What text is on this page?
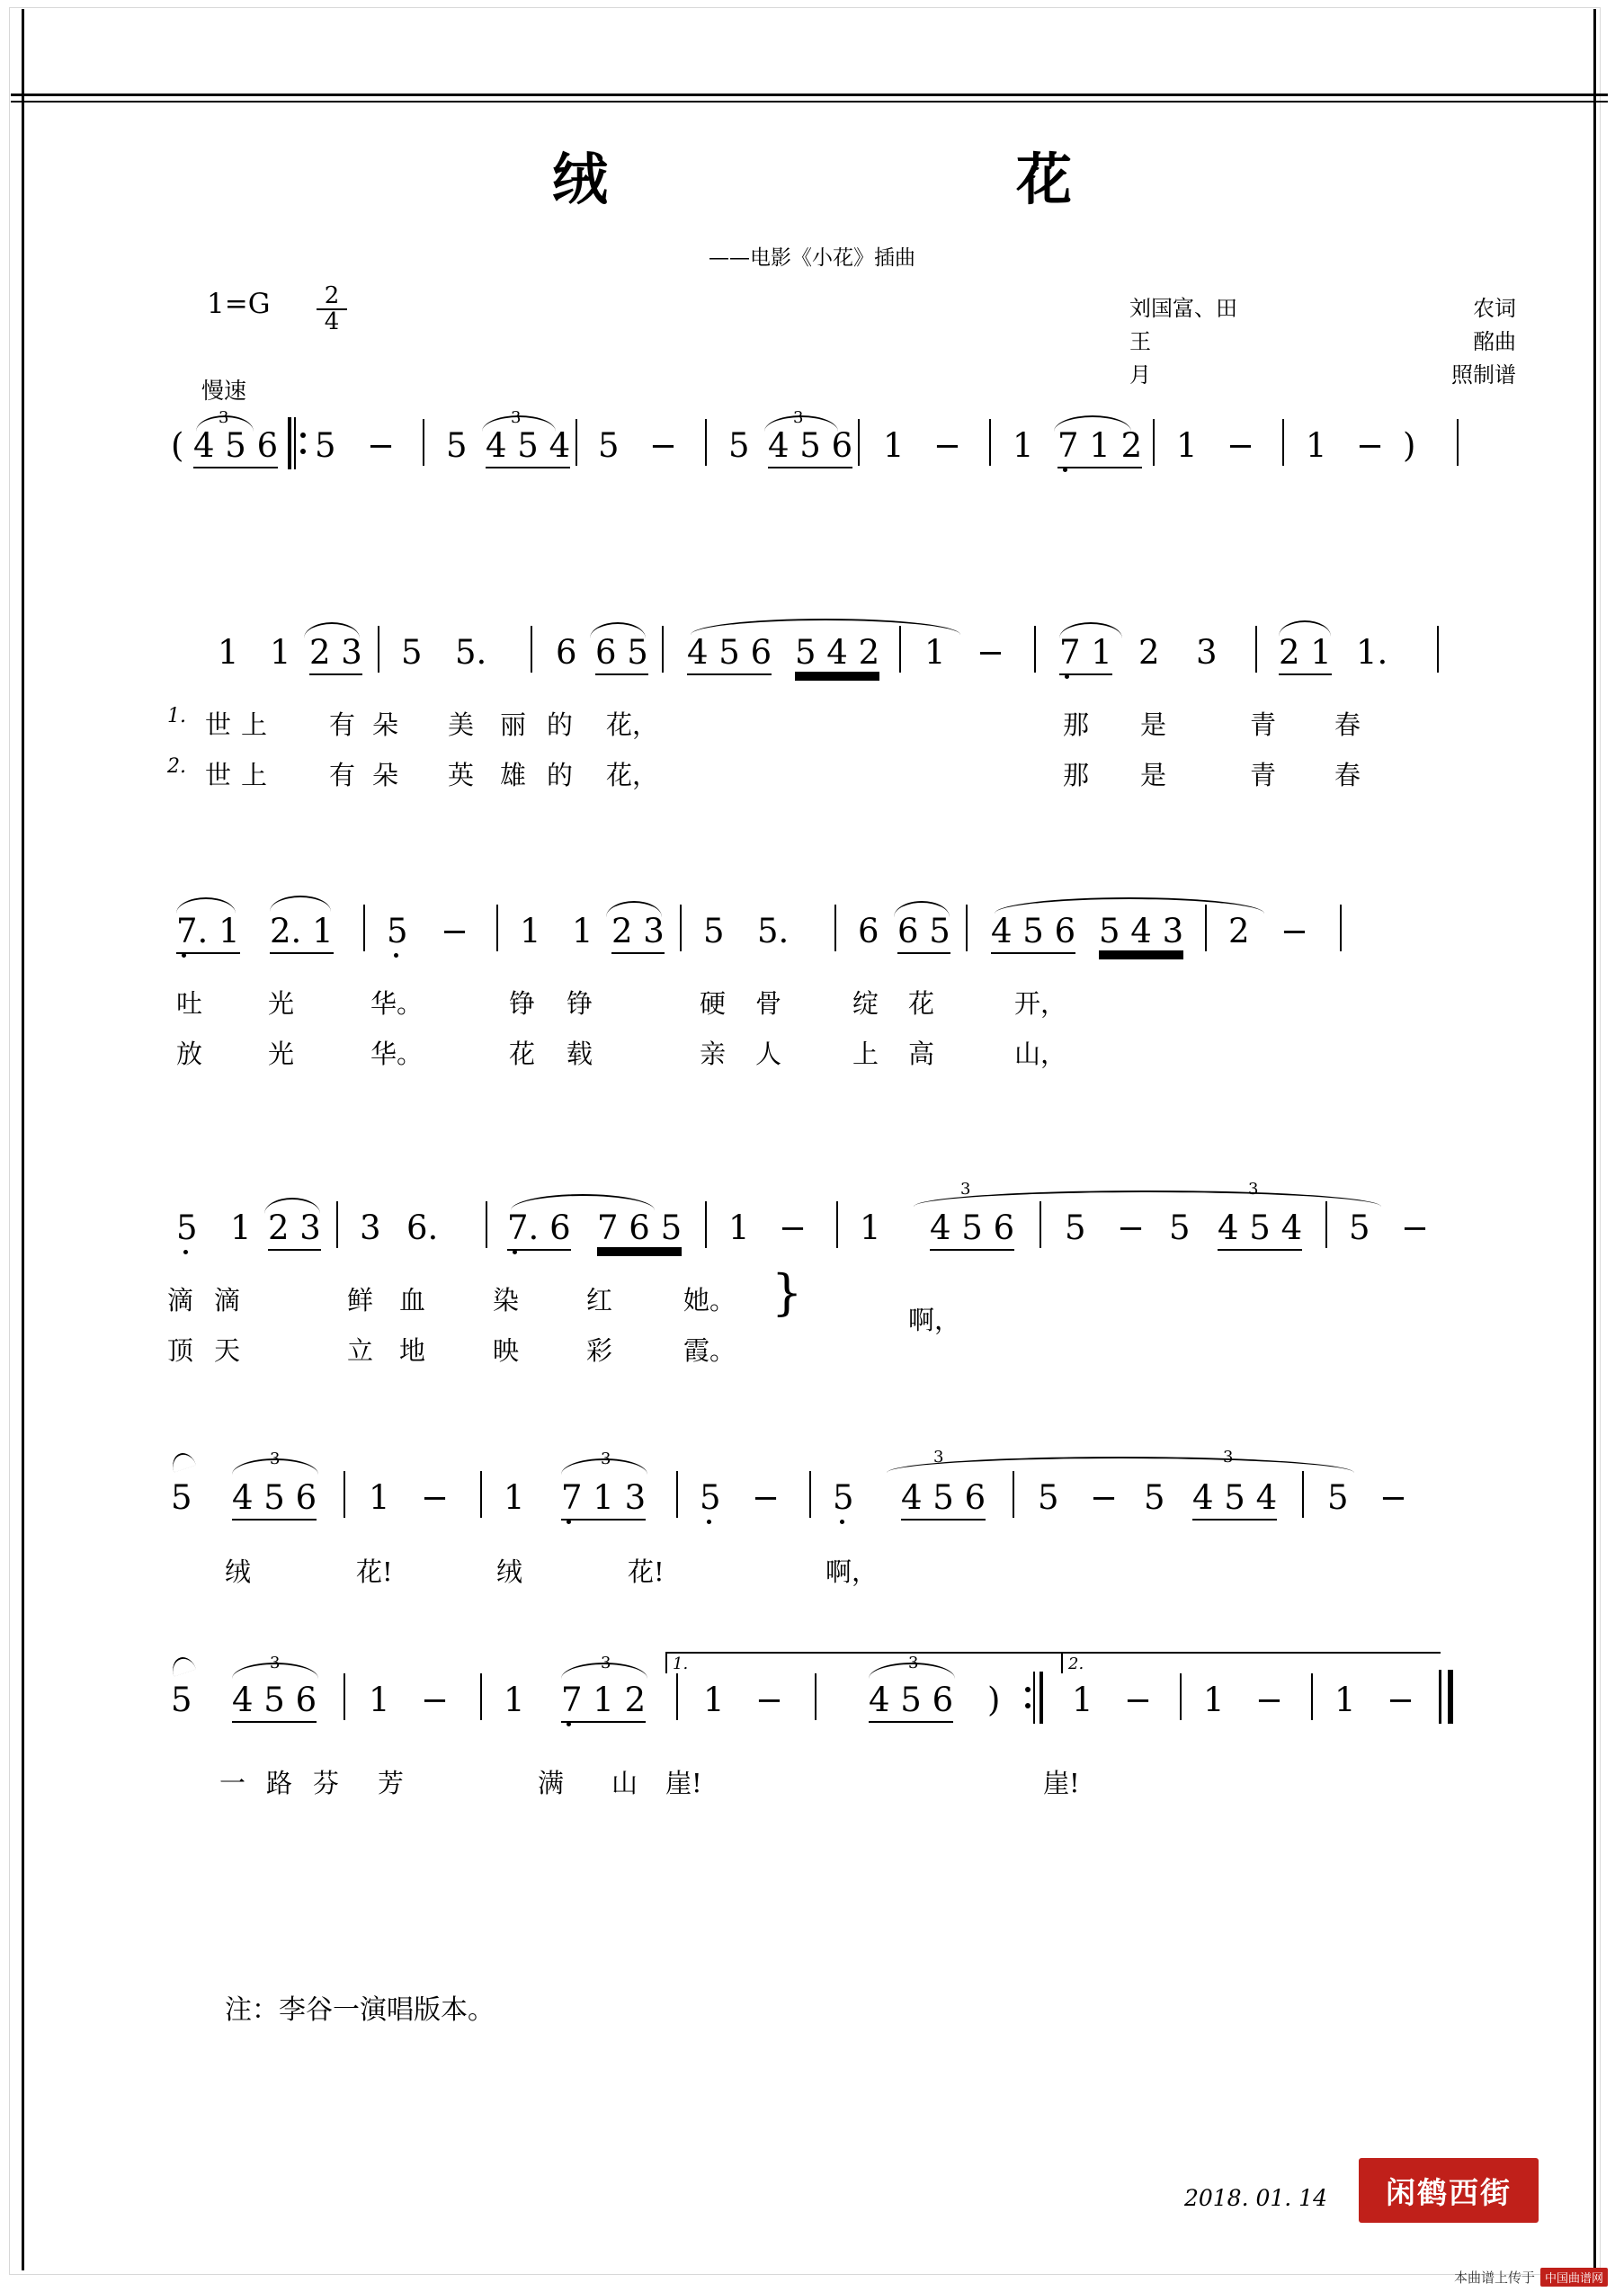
绒　　花
——电影《小花》插曲
$1=G \frac{2}{4}$	刘国富、田	农词
王	酩曲
月	照制谱
慢速
(
3
4 5 6 5 − 5
3
4 5 4 5 − 5
3
4 5 6 1 − 1 7 1 2 1 − 1 − )
1 1 2 3 5 5. 6 6 5 4 5 6 5 4 2 1 − 7 1 2 3 2 1 1.
1. 世 上 有 朵 美 丽 的 花，	那 是	青 春
2. 世 上 有 朵 英 雄 的 花，	那 是	青 春
7. 1 2. 1 5 − 1 1 2 3 5 5. 6 6 5 4 5 6 5 4 3 2 −
吐	光	华。	铮 铮	硬 骨	绽 花	开，
放	光	华。	花 载	亲 人	上 高	山，
5 1 2 3 3 6. 7. 6 7 6 5 1 − 1
3
4 5 6 5 − 5
3
4 5 4 5 −
滴 滴	鲜 血	染	红	她。 }	啊，
顶 天	立 地	映	彩	霞。
5
3
4 5 6 1 − 1
3
7 1 3 5 − 5
3
4 5 6 5 − 5
3
4 5 4 5 −
绒	花!	绒	花!	啊，
1.	2.
5
3
4 5 6 1 − 1
3
7 1 2 1 −
3
4 5 6 ) 1 − 1 − 1 −
一 路 芬 芳	满 山 崖!	崖!
注：李谷一演唱版本。
2018. 01. 14	闲鹤西街
本曲谱上传于 中国曲谱网
